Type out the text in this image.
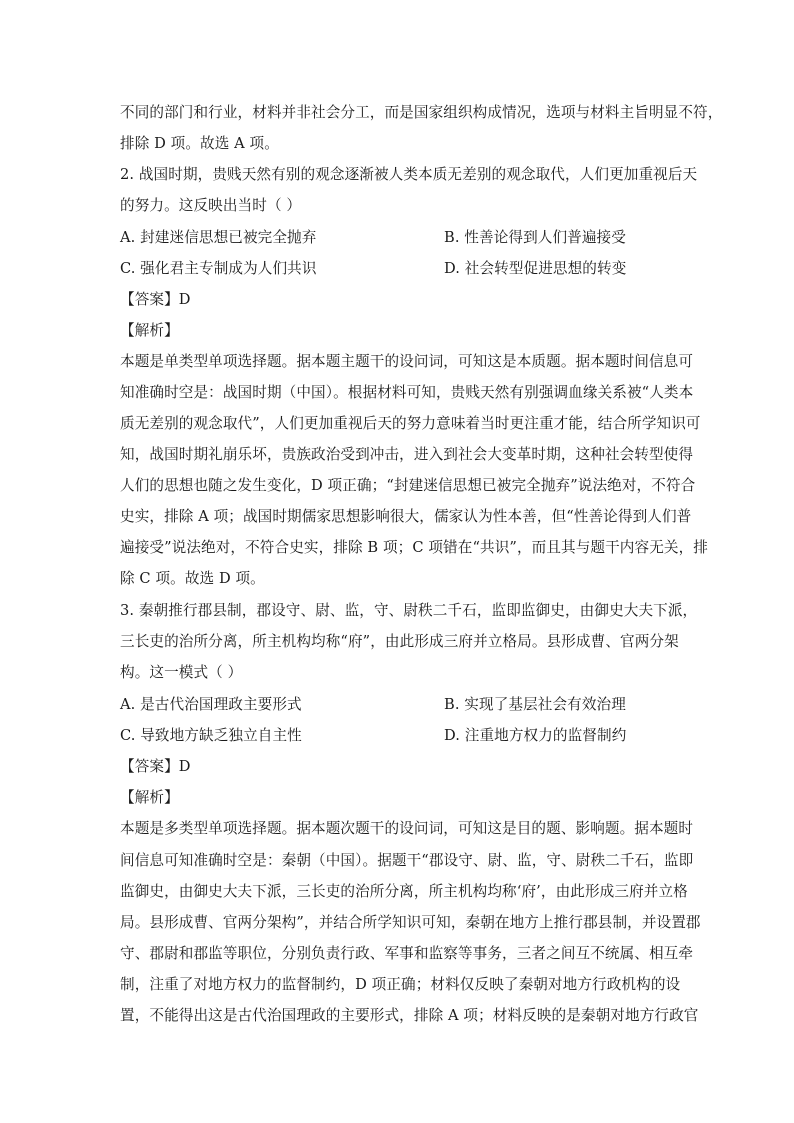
不同的部门和行业，材料并非社会分工，而是国家组织构成情况，选项与材料主旨明显不符，
排除 D 项。故选 A 项。
2. 战国时期，贵贱天然有别的观念逐渐被人类本质无差别的观念取代，人们更加重视后天
的努力。这反映出当时（ ）
A. 封建迷信思想已被完全抛弃	B. 性善论得到人们普遍接受
C. 强化君主专制成为人们共识	D. 社会转型促进思想的转变
【答案】D
【解析】
本题是单类型单项选择题。据本题主题干的设问词，可知这是本质题。据本题时间信息可
知准确时空是：战国时期（中国）。根据材料可知，贵贱天然有别强调血缘关系被“人类本
质无差别的观念取代”，人们更加重视后天的努力意味着当时更注重才能，结合所学知识可
知，战国时期礼崩乐坏，贵族政治受到冲击，进入到社会大变革时期，这种社会转型使得
人们的思想也随之发生变化，D 项正确；“封建迷信思想已被完全抛弃”说法绝对，不符合
史实，排除 A 项；战国时期儒家思想影响很大，儒家认为性本善，但“性善论得到人们普
遍接受”说法绝对，不符合史实，排除 B 项；C 项错在“共识”，而且其与题干内容无关，排
除 C 项。故选 D 项。
3. 秦朝推行郡县制，郡设守、尉、监，守、尉秩二千石，监即监御史，由御史大夫下派，
三长吏的治所分离，所主机构均称“府”，由此形成三府并立格局。县形成曹、官两分架
构。这一模式（ ）
A. 是古代治国理政主要形式	B. 实现了基层社会有效治理
C. 导致地方缺乏独立自主性	D. 注重地方权力的监督制约
【答案】D
【解析】
本题是多类型单项选择题。据本题次题干的设问词，可知这是目的题、影响题。据本题时
间信息可知准确时空是：秦朝（中国）。据题干“郡设守、尉、监，守、尉秩二千石，监即
监御史，由御史大夫下派，三长吏的治所分离，所主机构均称‘府’，由此形成三府并立格
局。县形成曹、官两分架构”，并结合所学知识可知，秦朝在地方上推行郡县制，并设置郡
守、郡尉和郡监等职位，分别负责行政、军事和监察等事务，三者之间互不统属、相互牵
制，注重了对地方权力的监督制约，D 项正确；材料仅反映了秦朝对地方行政机构的设
置，不能得出这是古代治国理政的主要形式，排除 A 项；材料反映的是秦朝对地方行政官
